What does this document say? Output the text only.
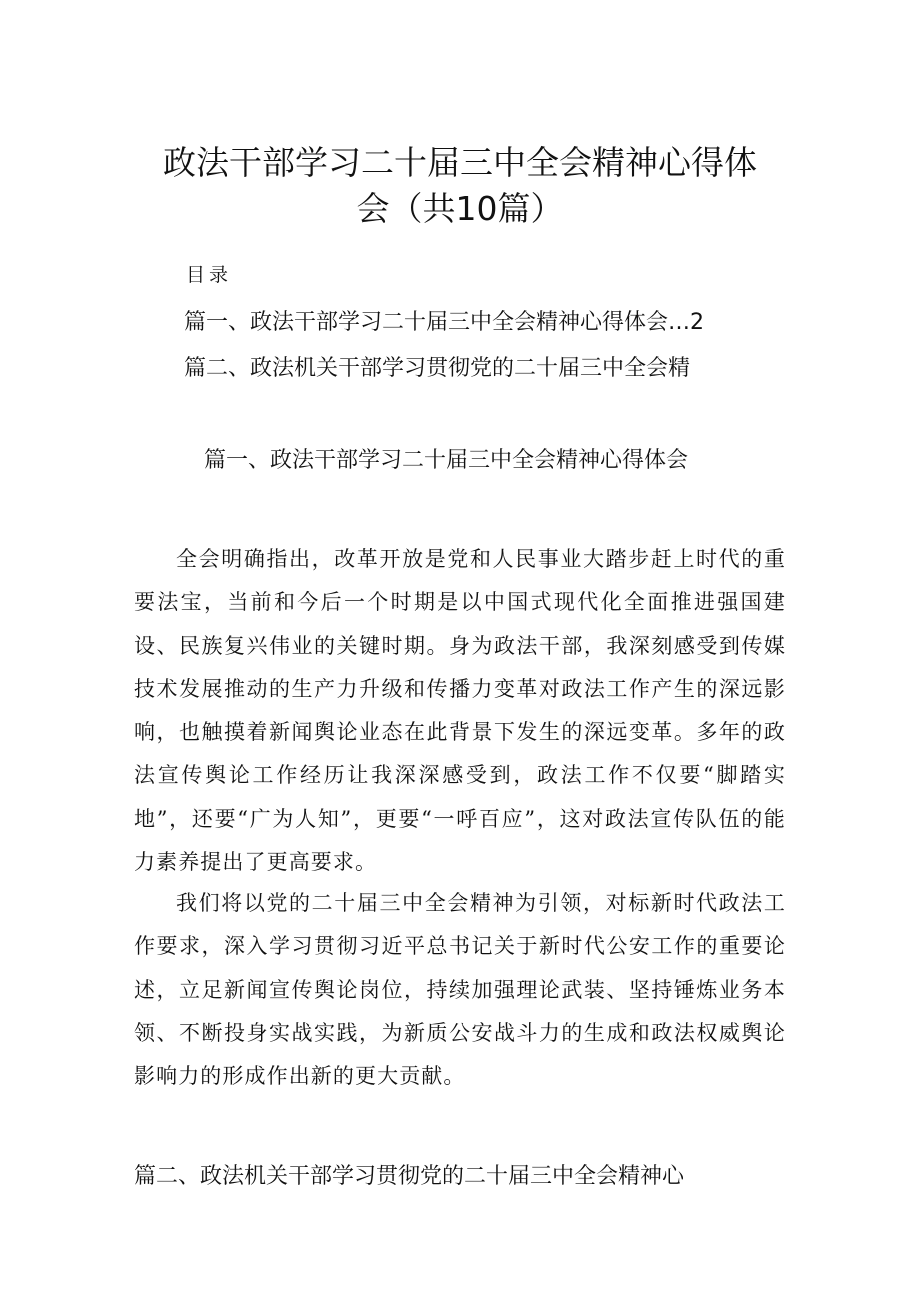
政法干部学习二十届三中全会精神心得体
会（共10篇）
目录
篇一、政法干部学习二十届三中全会精神心得体会…2
篇二、政法机关干部学习贯彻党的二十届三中全会精
篇一、政法干部学习二十届三中全会精神心得体会

全会明确指出，改革开放是党和人民事业大踏步赶上时代的重要法宝，当前和今后一个时期是以中国式现代化全面推进强国建设、民族复兴伟业的关键时期。身为政法干部，我深刻感受到传媒技术发展推动的生产力升级和传播力变革对政法工作产生的深远影响，也触摸着新闻舆论业态在此背景下发生的深远变革。多年的政法宣传舆论工作经历让我深深感受到，政法工作不仅要“脚踏实地”，还要“广为人知”，更要“一呼百应”，这对政法宣传队伍的能力素养提出了更高要求。

我们将以党的二十届三中全会精神为引领，对标新时代政法工作要求，深入学习贯彻习近平总书记关于新时代公安工作的重要论述，立足新闻宣传舆论岗位，持续加强理论武装、坚持锤炼业务本领、不断投身实战实践，为新质公安战斗力的生成和政法权威舆论影响力的形成作出新的更大贡献。

篇二、政法机关干部学习贯彻党的二十届三中全会精神心
